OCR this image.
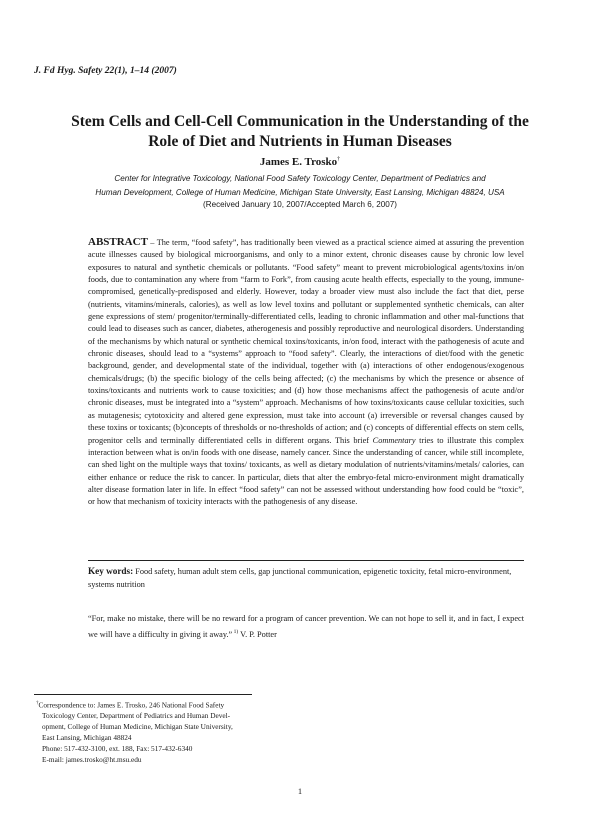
J. Fd Hyg. Safety 22(1), 1–14 (2007)
Stem Cells and Cell-Cell Communication in the Understanding of the
Role of Diet and Nutrients in Human Diseases
James E. Trosko†
Center for Integrative Toxicology, National Food Safety Toxicology Center, Department of Pediatrics and
Human Development, College of Human Medicine, Michigan State University, East Lansing, Michigan 48824, USA
(Received January 10, 2007/Accepted March 6, 2007)

ABSTRACT – The term, “food safety”, has traditionally been viewed as a practical science aimed at assuring the prevention acute illnesses caused by biological microorganisms, and only to a minor extent, chronic diseases cause by chronic low level exposures to natural and synthetic chemicals or pollutants. “Food safety” meant to prevent microbiological agents/toxins in/on foods, due to contamination any where from “farm to Fork”, from causing acute health effects, especially to the young, immune-compromised, genetically-predisposed and elderly. However, today a broader view must also include the fact that diet, perse (nutrients, vitamins/minerals, calories), as well as low level toxins and pollutant or supplemented synthetic chemicals, can alter gene expressions of stem/ progenitor/terminally-differentiated cells, leading to chronic inflammation and other mal-functions that could lead to diseases such as cancer, diabetes, atherogenesis and possibly reproductive and neurological disorders. Understanding of the mechanisms by which natural or synthetic chemical toxins/toxicants, in/on food, interact with the pathogenesis of acute and chronic diseases, should lead to a “systems” approach to “food safety”. Clearly, the interactions of diet/food with the genetic background, gender, and developmental state of the individual, together with (a) interactions of other endogenous/exogenous chemicals/drugs; (b) the specific biology of the cells being affected; (c) the mechanisms by which the presence or absence of toxins/toxicants and nutrients work to cause toxicities; and (d) how those mechanisms affect the pathogenesis of acute and/or chronic diseases, must be integrated into a “system” approach. Mechanisms of how toxins/toxicants cause cellular toxicities, such as mutagenesis; cytotoxicity and altered gene expression, must take into account (a) irreversible or reversal changes caused by these toxins or toxicants; (b)concepts of thresholds or no-thresholds of action; and (c) concepts of differential effects on stem cells, progenitor cells and terminally differentiated cells in different organs. This brief Commentary tries to illustrate this complex interaction between what is on/in foods with one disease, namely cancer. Since the understanding of cancer, while still incomplete, can shed light on the multiple ways that toxins/ toxicants, as well as dietary modulation of nutrients/vitamins/metals/ calories, can either enhance or reduce the risk to cancer. In particular, diets that alter the embryo-fetal micro-environment might dramatically alter disease formation later in life. In effect “food safety” can not be assessed without understanding how food could be “toxic”, or how that mechanism of toxicity interacts with the pathogenesis of any disease.

Key words: Food safety, human adult stem cells, gap junctional communication, epigenetic toxicity, fetal micro-environment, systems nutrition

“For, make no mistake, there will be no reward for a program of cancer prevention. We can not hope to sell it, and in fact, I expect we will have a difficulty in giving it away.” $^{1)}$ V. P. Potter

†Correspondence to: James E. Trosko, 246 National Food Safety
Toxicology Center, Department of Pediatrics and Human Devel-
opment, College of Human Medicine, Michigan State University,
East Lansing, Michigan 48824
Phone: 517-432-3100, ext. 188, Fax: 517-432-6340
E-mail: james.trosko@ht.msu.edu
1
